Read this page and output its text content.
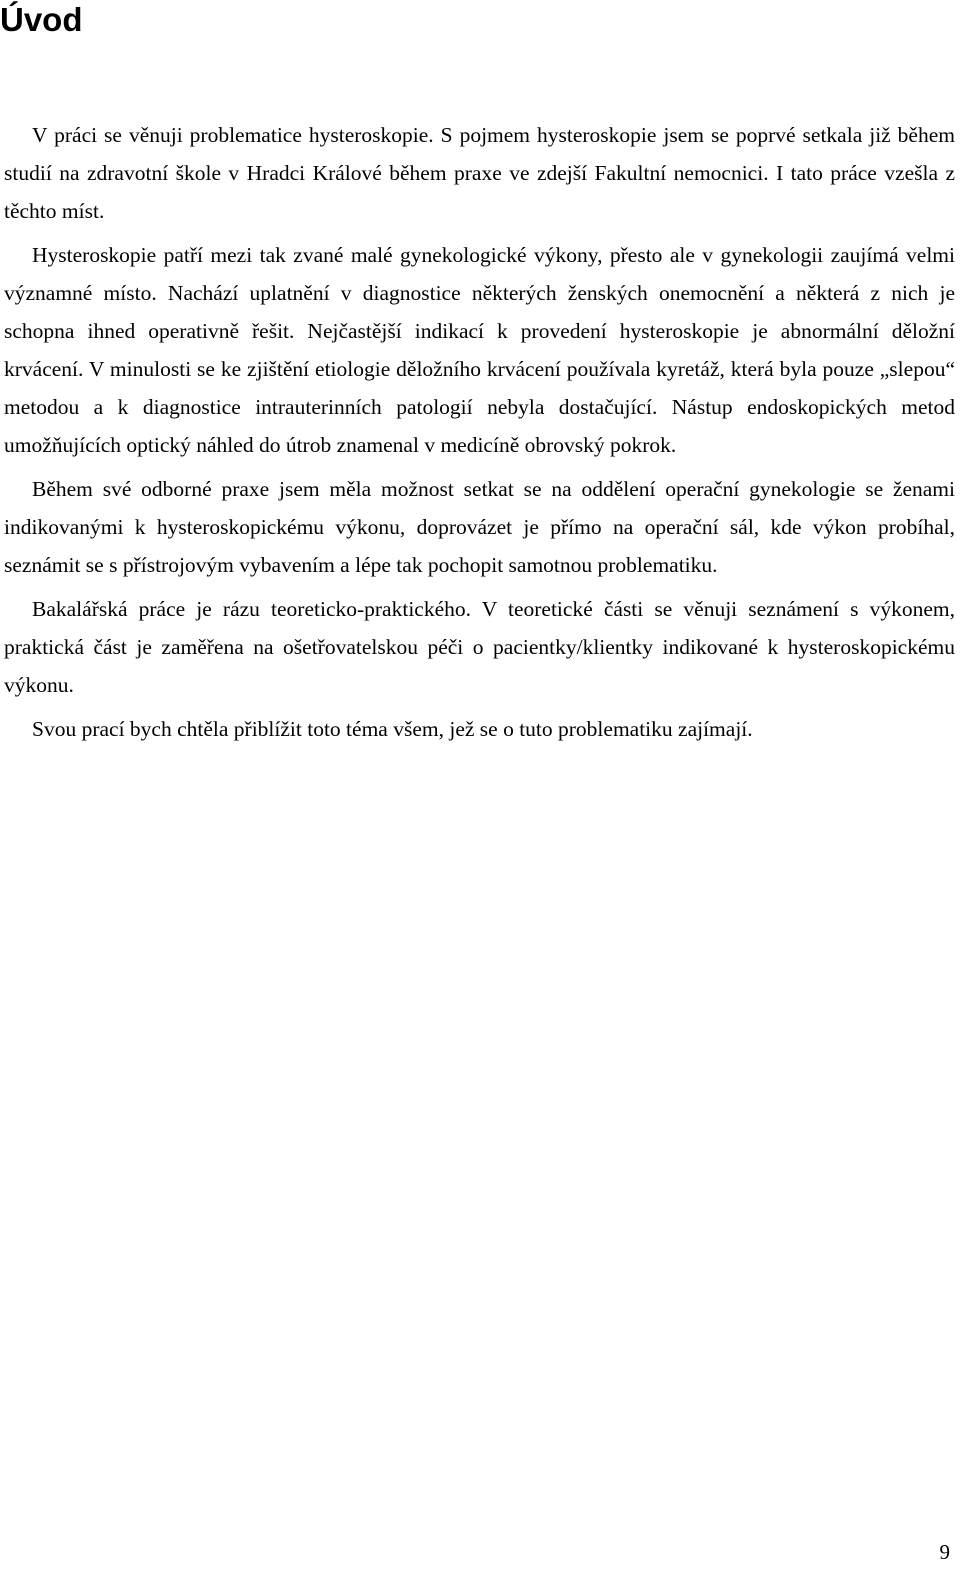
Úvod

V práci se věnuji problematice hysteroskopie. S pojmem hysteroskopie jsem se poprvé setkala již během studií na zdravotní škole v Hradci Králové během praxe ve zdejší Fakultní nemocnici. I tato práce vzešla z těchto míst.

Hysteroskopie patří mezi tak zvané malé gynekologické výkony, přesto ale v gynekologii zaujímá velmi významné místo. Nachází uplatnění v diagnostice některých ženských onemocnění a některá z nich je schopna ihned operativně řešit. Nejčastější indikací k provedení hysteroskopie je abnormální děložní krvácení. V minulosti se ke zjištění etiologie děložního krvácení používala kyretáž, která byla pouze „slepou“ metodou a k diagnostice intrauterinních patologií nebyla dostačující. Nástup endoskopických metod umožňujících optický náhled do útrob znamenal v medicíně obrovský pokrok.

Během své odborné praxe jsem měla možnost setkat se na oddělení operační gynekologie se ženami indikovanými k hysteroskopickému výkonu, doprovázet je přímo na operační sál, kde výkon probíhal, seznámit se s přístrojovým vybavením a lépe tak pochopit samotnou problematiku.

Bakalářská práce je rázu teoreticko-praktického. V teoretické části se věnuji seznámení s výkonem, praktická část je zaměřena na ošetřovatelskou péči o pacientky/klientky indikované k hysteroskopickému výkonu.

Svou prací bych chtěla přiblížit toto téma všem, jež se o tuto problematiku zajímají.

9
